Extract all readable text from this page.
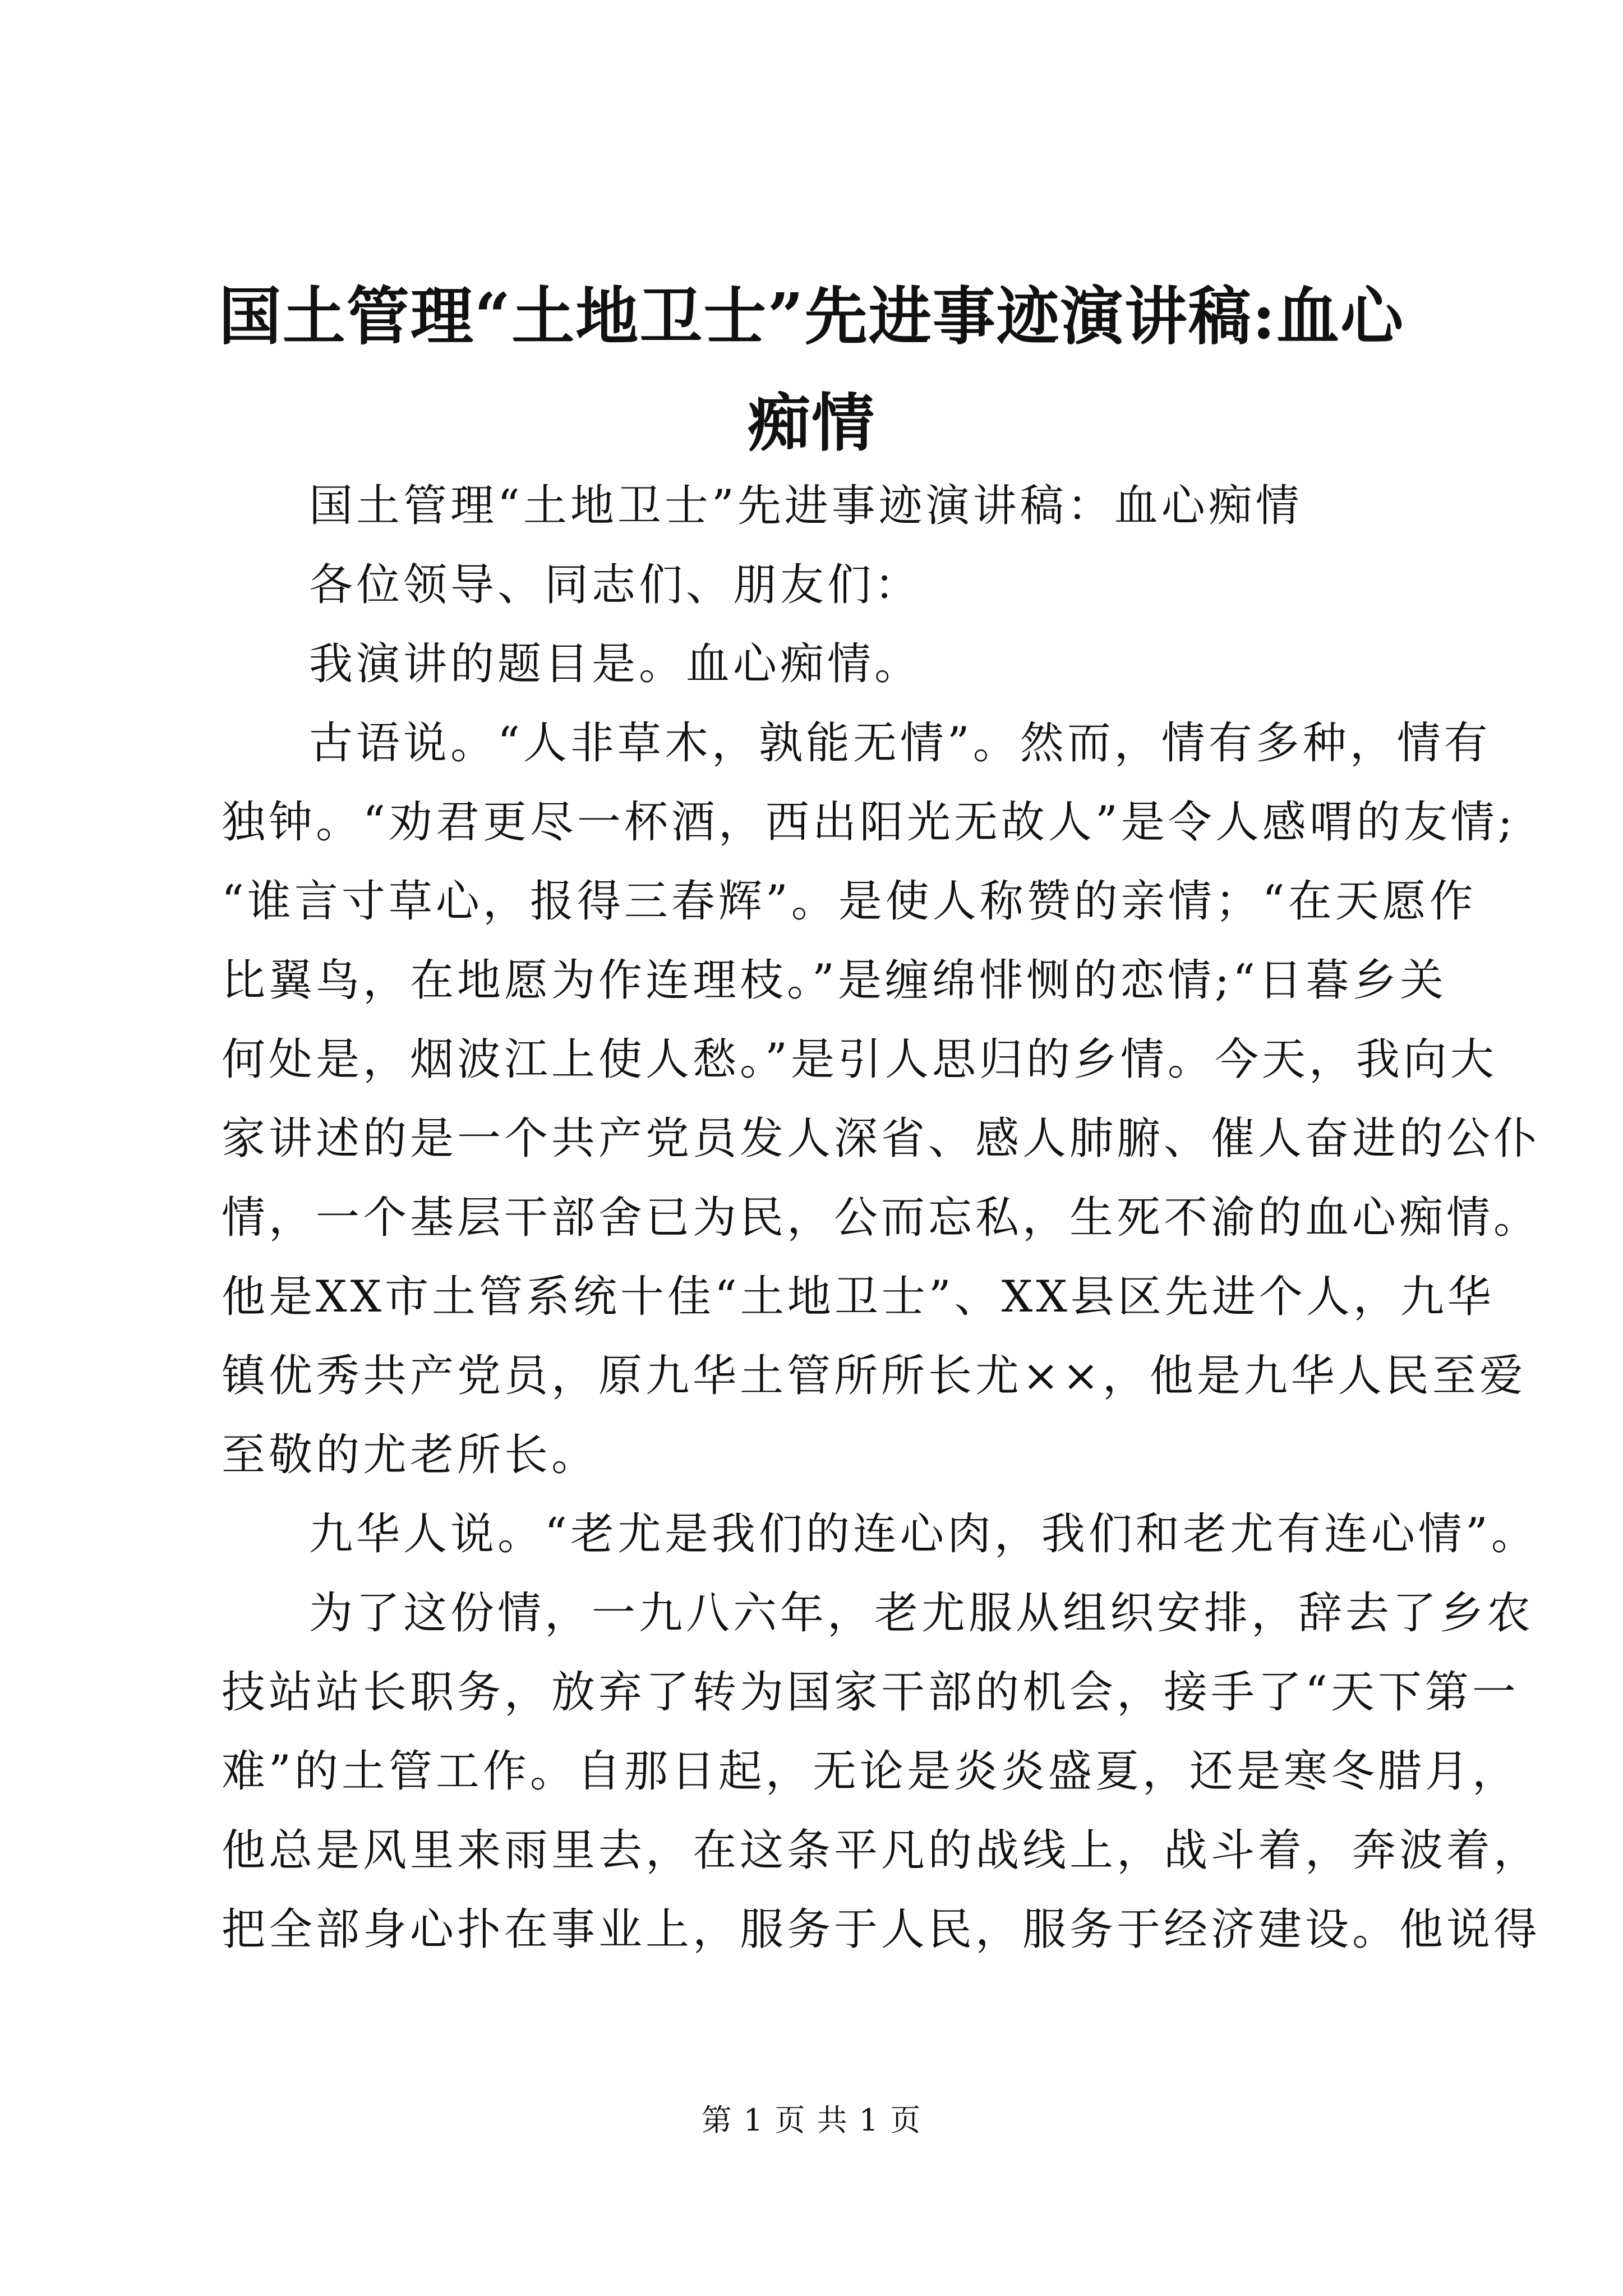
国土管理“土地卫士”先进事迹演讲稿:血心
痴情

国土管理“土地卫士”先进事迹演讲稿：血心痴情

各位领导、同志们、朋友们：

我演讲的题目是。血心痴情。

古语说。“人非草木，孰能无情”。然而，情有多种，情有
独钟。“劝君更尽一杯酒，西出阳光无故人”是令人感喟的友情;
“谁言寸草心，报得三春辉”。是使人称赞的亲情；“在天愿作
比翼鸟，在地愿为作连理枝。”是缠绵悱恻的恋情;“日暮乡关
何处是，烟波江上使人愁。”是引人思归的乡情。今天，我向大
家讲述的是一个共产党员发人深省、感人肺腑、催人奋进的公仆
情，一个基层干部舍已为民，公而忘私，生死不渝的血心痴情。
他是XX市土管系统十佳“土地卫士”、XX县区先进个人，九华
镇优秀共产党员，原九华土管所所长尤××，他是九华人民至爱
至敬的尤老所长。

九华人说。“老尤是我们的连心肉，我们和老尤有连心情”。

为了这份情，一九八六年，老尤服从组织安排，辞去了乡农
技站站长职务，放弃了转为国家干部的机会，接手了“天下第一
难”的土管工作。自那日起，无论是炎炎盛夏，还是寒冬腊月，
他总是风里来雨里去，在这条平凡的战线上，战斗着，奔波着，
把全部身心扑在事业上，服务于人民，服务于经济建设。他说得

第 1 页 共 1 页
